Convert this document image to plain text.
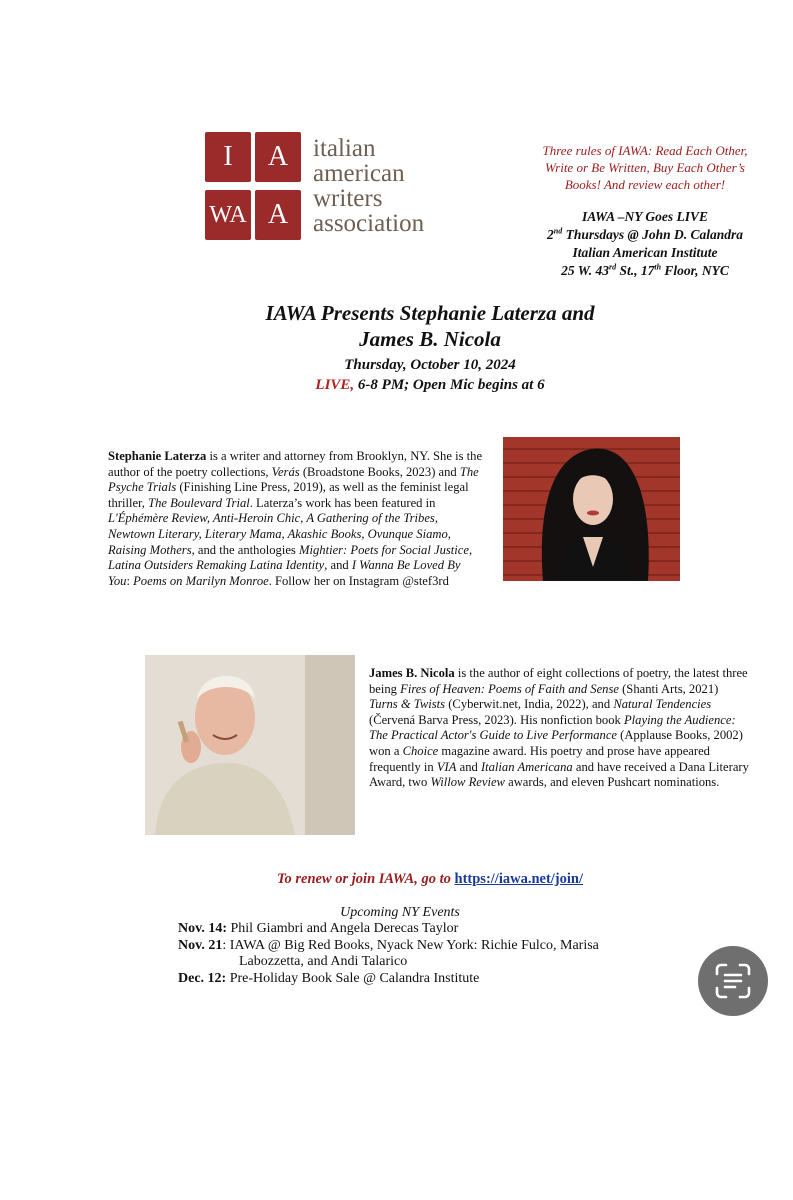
I	A
WA A
italian
american
writers
association
Three rules of IAWA: Read Each Other,
Write or Be Written, Buy Each Other’s
Books! And review each other!
IAWA –NY Goes LIVE
2nd Thursdays @ John D. Calandra
Italian American Institute
25 W. 43rd St., 17th Floor, NYC
IAWA Presents Stephanie Laterza and
James B. Nicola
Thursday, October 10, 2024
LIVE, 6-8 PM; Open Mic begins at 6
Stephanie Laterza is a writer and attorney from Brooklyn, NY. She is the author of the poetry collections, Verás (Broadstone Books, 2023) and The Psyche Trials (Finishing Line Press, 2019), as well as the feminist legal thriller, The Boulevard Trial. Laterza’s work has been featured in L'Éphémère Review, Anti-Heroin Chic, A Gathering of the Tribes, Newtown Literary, Literary Mama, Akashic Books, Ovunque Siamo, Raising Mothers, and the anthologies Mightier: Poets for Social Justice, Latina Outsiders Remaking Latina Identity, and I Wanna Be Loved By You: Poems on Marilyn Monroe. Follow her on Instagram @stef3rd
James B. Nicola is the author of eight collections of poetry, the latest three being Fires of Heaven: Poems of Faith and Sense (Shanti Arts, 2021) Turns & Twists (Cyberwit.net, India, 2022), and Natural Tendencies (Červená Barva Press, 2023). His nonfiction book Playing the Audience: The Practical Actor's Guide to Live Performance (Applause Books, 2002) won a Choice magazine award. His poetry and prose have appeared frequently in VIA and Italian Americana and have received a Dana Literary Award, two Willow Review awards, and eleven Pushcart nominations.
To renew or join IAWA, go to https://iawa.net/join/
Upcoming NY Events
Nov. 14: Phil Giambri and Angela Derecas Taylor
Nov. 21: IAWA @ Big Red Books, Nyack New York: Richie Fulco, Marisa
Labozzetta, and Andi Talarico
Dec. 12: Pre-Holiday Book Sale @ Calandra Institute
